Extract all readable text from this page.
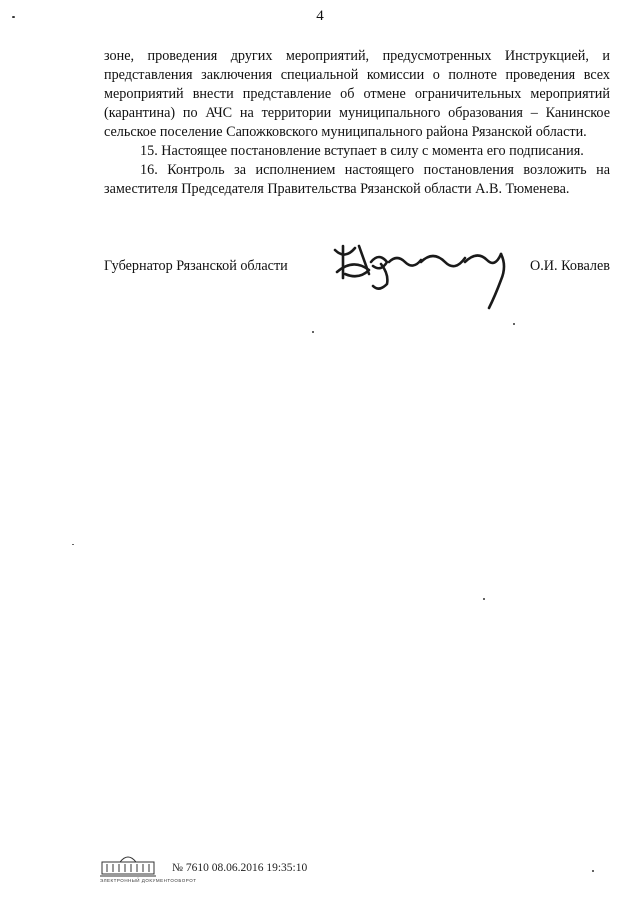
4

зоне, проведения других мероприятий, предусмотренных Инструкцией, и представления заключения специальной комиссии о полноте проведения всех мероприятий внести представление об отмене ограничительных мероприятий (карантина) по АЧС на территории муниципального образования – Канинское сельское поселение Сапожковского муниципального района Рязанской области.

15. Настоящее постановление вступает в силу с момента его подписания.

16. Контроль за исполнением настоящего постановления возложить на заместителя Председателя Правительства Рязанской области А.В. Тюменева.

Губернатор Рязанской области	О.И. Ковалев
ЭЛЕКТРОННЫЙ ДОКУМЕНТООБОРОТ
№ 7610 08.06.2016 19:35:10
